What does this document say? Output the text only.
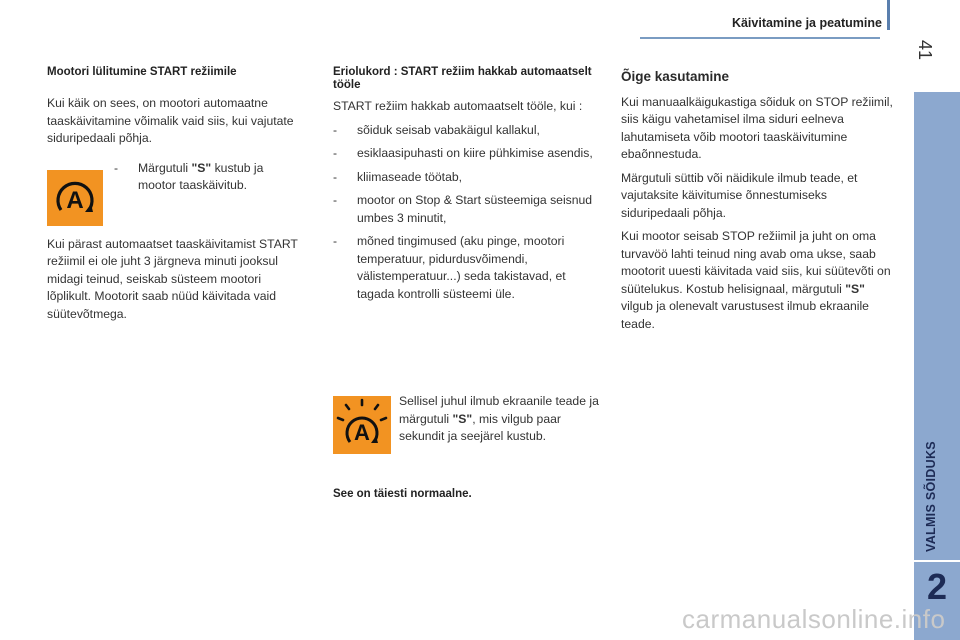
Käivitamine ja peatumine
41
VALMIS SÕIDUKS
2
Mootori lülitumine START režiimile

Kui käik on sees, on mootori automaatne taaskäivitamine võimalik vaid siis, kui vajutate siduripedaali põhja.

A
- Märgutuli "S" kustub ja mootor taaskäivitub.

Kui pärast automaatset taaskäivitamist START režiimil ei ole juht 3 järgneva minuti jooksul midagi teinud, seiskab süsteem mootori lõplikult. Mootorit saab nüüd käivitada vaid süütevõtmega.

Eriolukord : START režiim hakkab automaatselt tööle

START režiim hakkab automaatselt tööle, kui :

- sõiduk seisab vabakäigul kallakul,
- esiklaasipuhasti on kiire pühkimise asendis,
- kliimaseade töötab,
- mootor on Stop & Start süsteemiga seisnud umbes 3 minutit,
- mõned tingimused (aku pinge, mootori temperatuur, pidurdusvõimendi, välistemperatuur...) seda takistavad, et tagada kontrolli süsteemi üle.
A
Sellisel juhul ilmub ekraanile teade ja märgutuli "S", mis vilgub paar sekundit ja seejärel kustub.
See on täiesti normaalne.
Õige kasutamine

Kui manuaalkäigukastiga sõiduk on STOP režiimil, siis käigu vahetamisel ilma siduri eelneva lahutamiseta võib mootori taaskäivitumine ebaõnnestuda.

Märgutuli süttib või näidikule ilmub teade, et vajutaksite käivitumise õnnestumiseks siduripedaali põhja.

Kui mootor seisab STOP režiimil ja juht on oma turvavöö lahti teinud ning avab oma ukse, saab mootorit uuesti käivitada vaid siis, kui süütevõti on süütelukus. Kostub helisignaal, märgutuli "S" vilgub ja olenevalt varustusest ilmub ekraanile teade.

carmanualsonline.info
